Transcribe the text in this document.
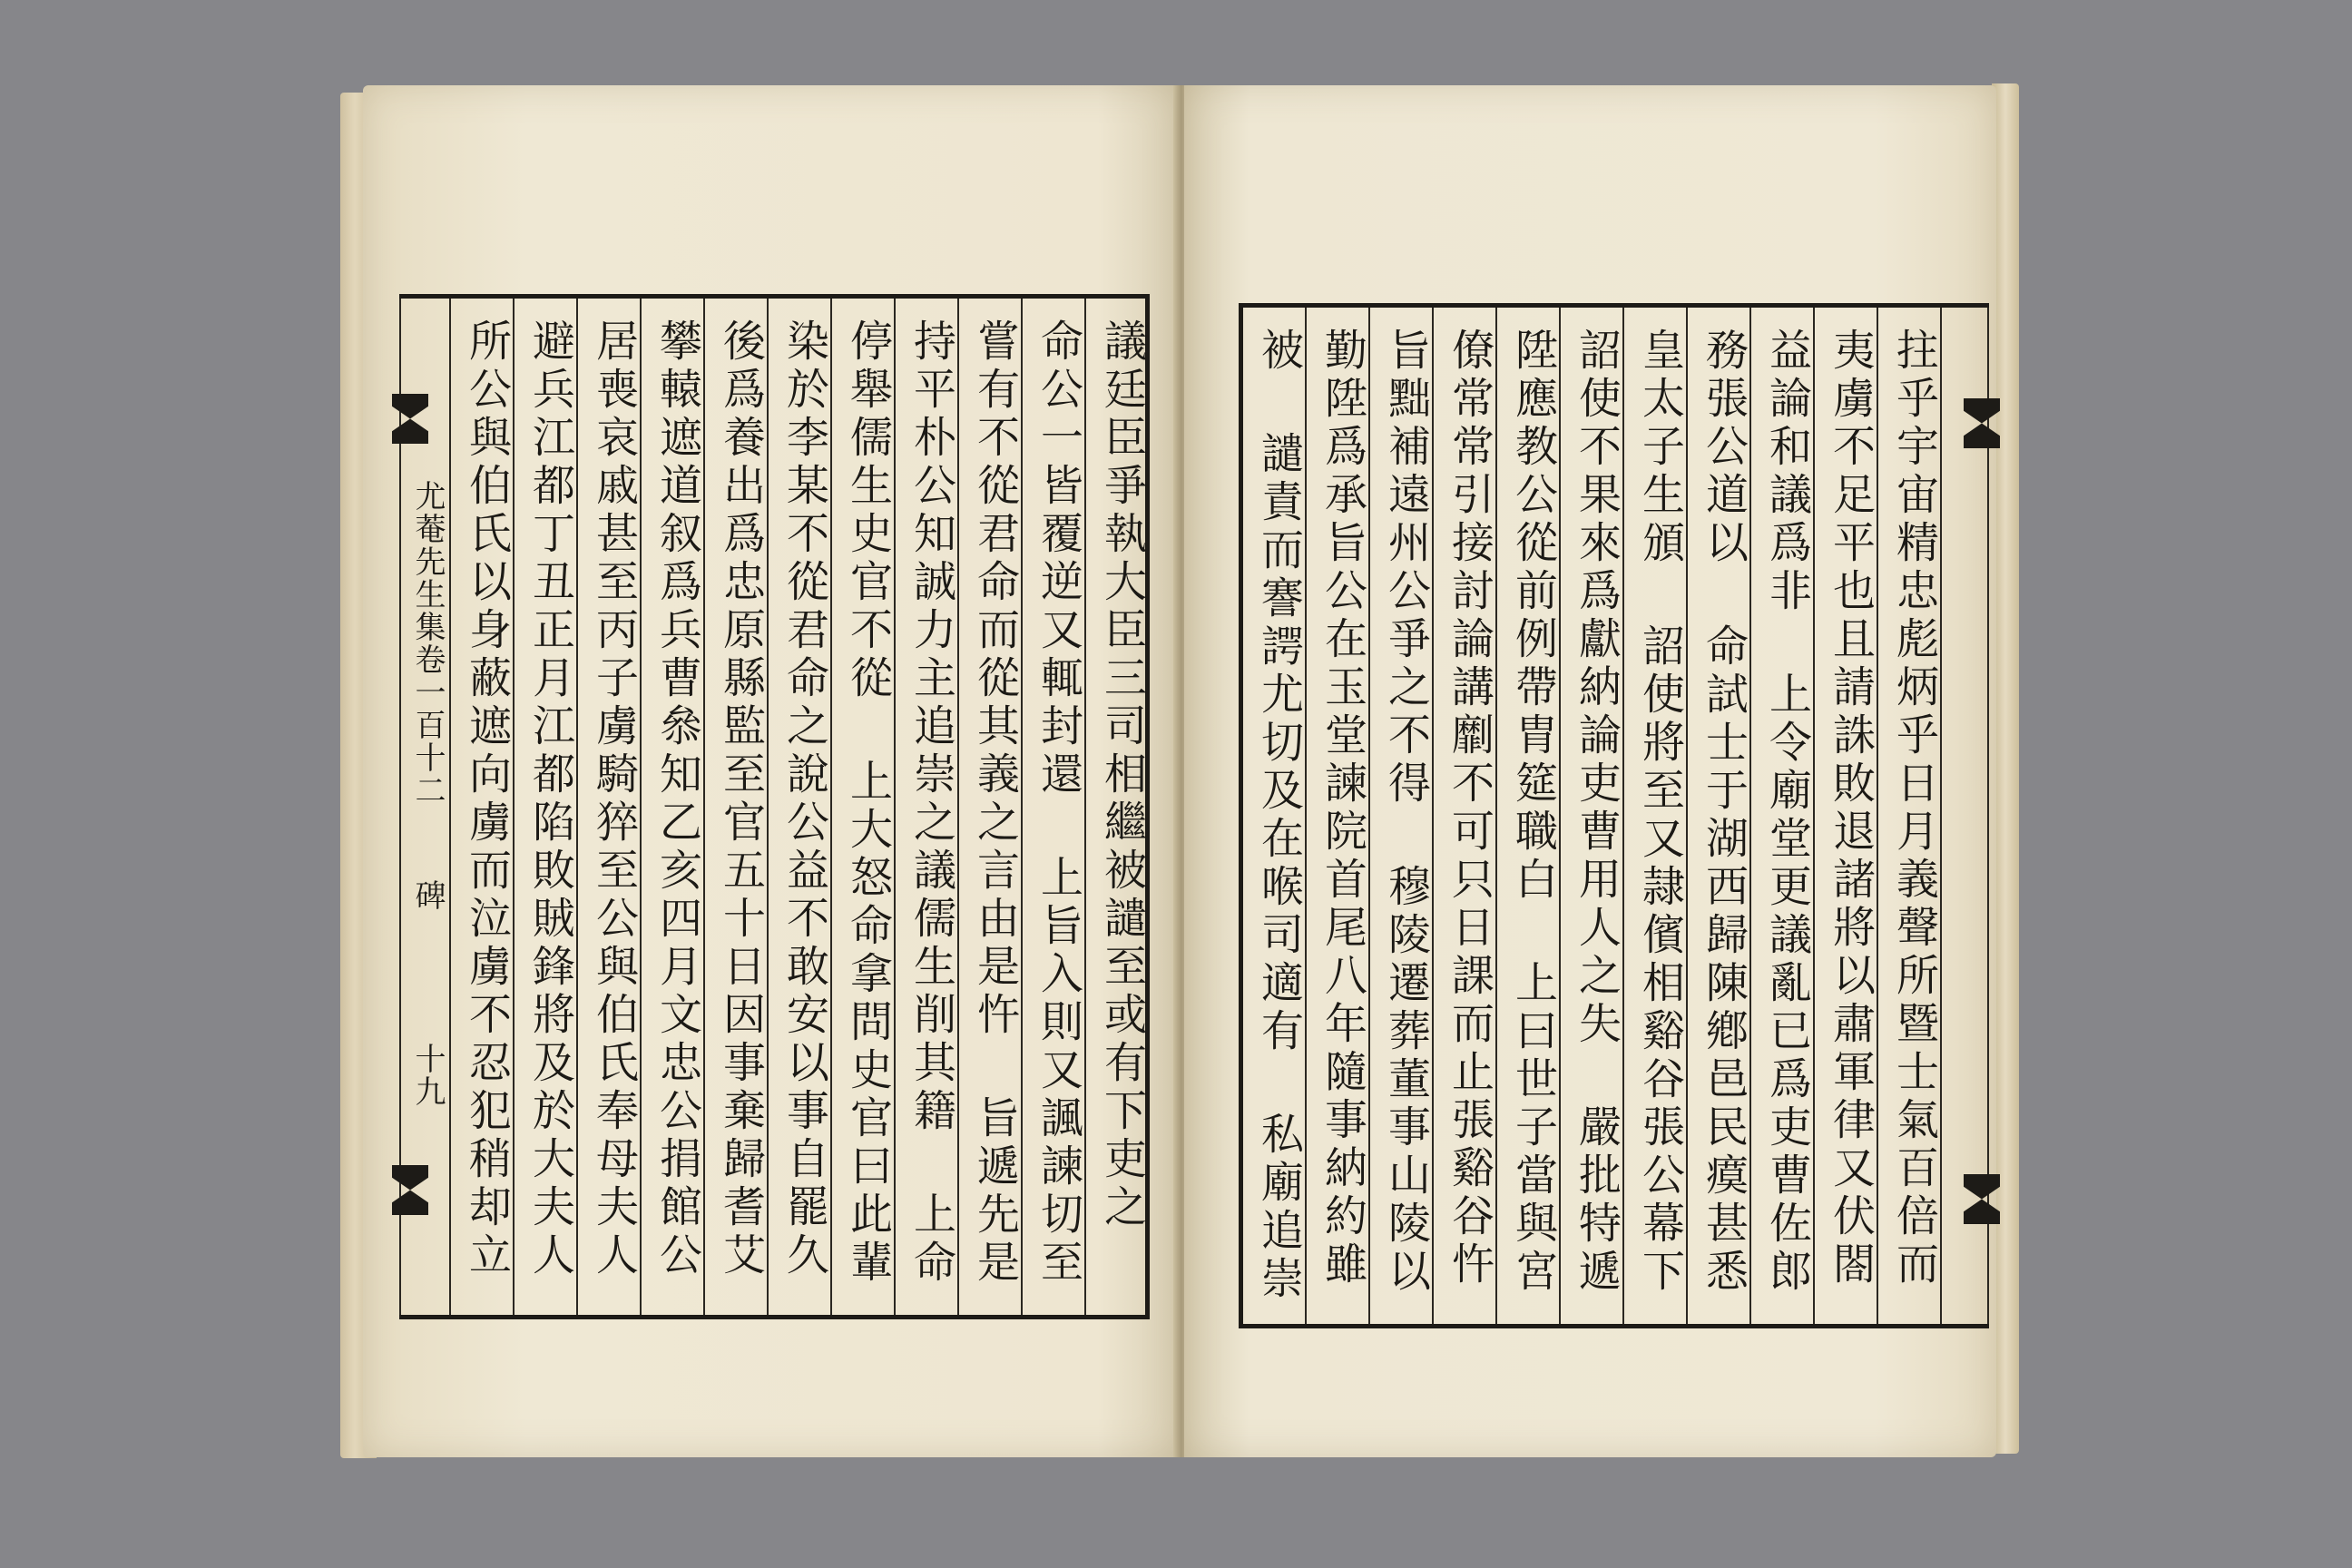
尤菴先生集卷一百十二
碑
十九 所公與伯氏以身蔽遮向虜而泣虜不忍犯稍却立 避兵江都丁丑正月江都陷敗賊鋒將及於大夫人 居喪哀戚甚至丙子虜騎猝至公與伯氏奉母夫人 攀轅遮道叙爲兵曹叅知乙亥四月文忠公捐館公 後爲養出爲忠原縣監至官五十日因事棄歸耆艾 染於李某不從君命之說公益不敢安以事自罷久 停舉儒生史官不從 上大怒命拿問史官曰此輩 持平朴公知誠力主追崇之議儒生削其籍 上命 嘗有不從君命而從其義之言由是忤 旨遞先是 命公一皆覆逆又輒封還 上旨入則又諷諫切至 議廷臣爭執大臣三司相繼被譴至或有下吏之	被 譴責而謇諤尤切及在喉司適有 私廟追崇 勤陞爲承旨公在玉堂諫院首尾八年隨事納約雖 旨黜補遠州公爭之不得 穆陵遷葬董事山陵以 僚常常引接討論講劘不可只日課而止張谿谷忤 陞應教公從前例帶胄筵職白 上曰世子當與宮 詔使不果來爲獻納論吏曹用人之失 嚴批特遞 皇太子生頒 詔使將至又隷儐相谿谷張公幕下 務張公道以 命試士于湖西歸陳鄕邑民瘼甚悉 益論和議爲非 上令廟堂更議亂已爲吏曹佐郎 夷虜不足平也且請誅敗退諸將以肅軍律又伏閤 拄乎宇宙精忠彪炳乎日月義聲所暨士氣百倍而
